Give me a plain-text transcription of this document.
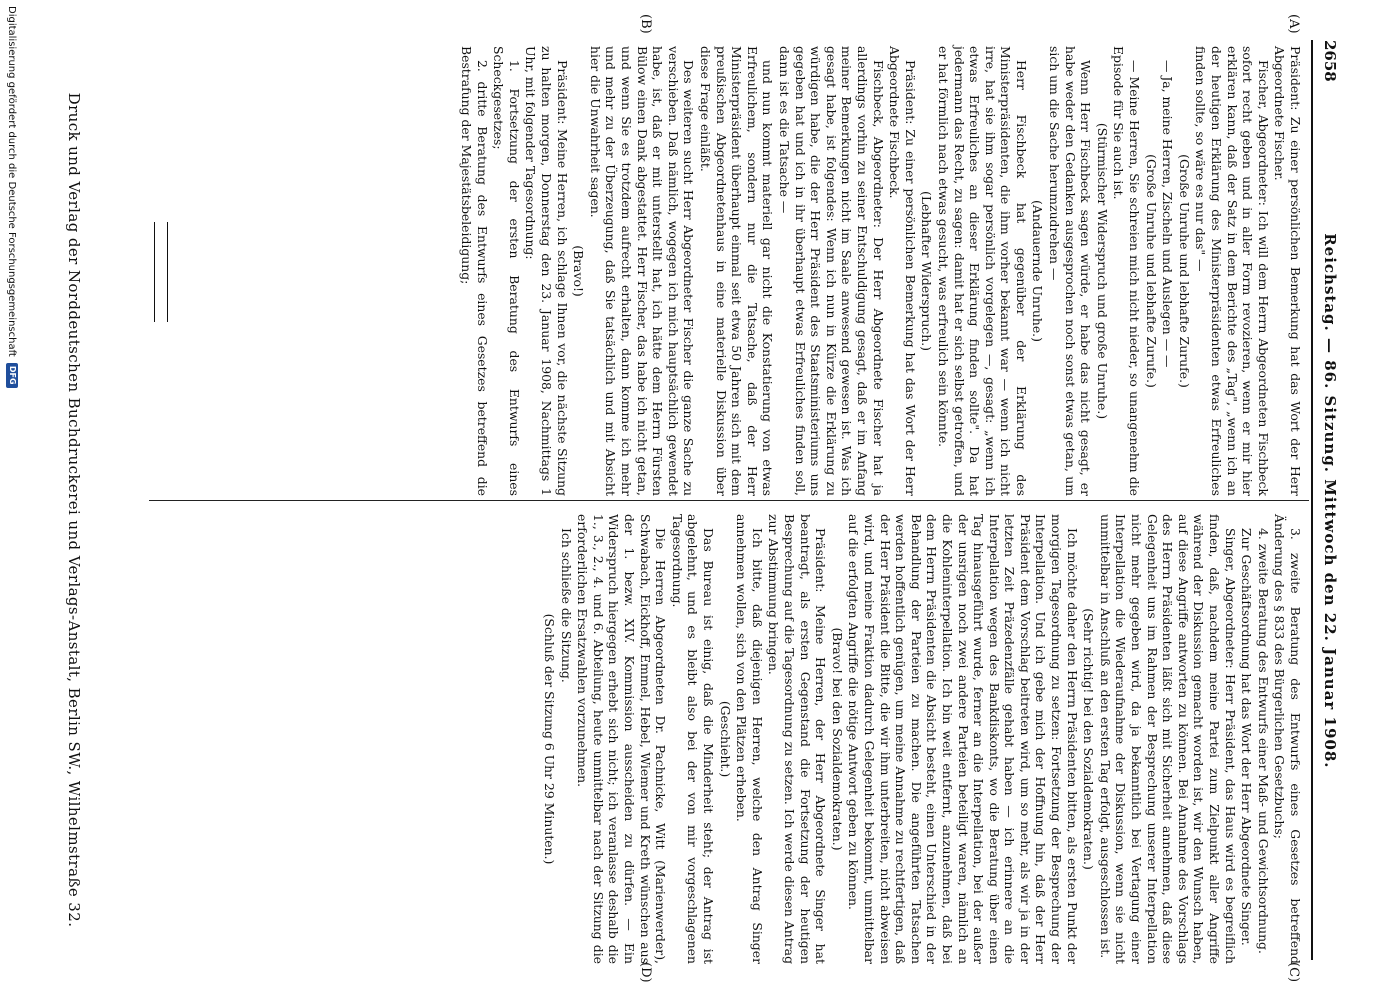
Digitalisierung gefördert durch die Deutsche Forschungsgemeinschaft
DFG
2658
Reichstag. — 86. Sitzung. Mittwoch den 22. Januar 1908.
(A)
(B)
(C)
(D)

Präsident: Zu einer persönlichen Bemerkung hat das Wort der Herr Abgeordnete Fischer.

Fischer, Abgeordneter: Ich will dem Herrn Abgeordneten Fischbeck sofort recht geben und in aller Form revozieren, wenn er mir hier erklären kann, daß der Satz in dem Berichte des „Tag", „wenn ich an der heutigen Erklärung des Ministerpräsidenten etwas Erfreuliches finden sollte, so wäre es nur das" —

(Große Unruhe und lebhafte Zurufe.)

— Ja, meine Herren, Zischeln und Auslegen — —

(Große Unruhe und lebhafte Zurufe.)

— Meine Herren, Sie schreien mich nicht nieder, so unangenehm die Episode für Sie auch ist.

(Stürmischer Widerspruch und große Unruhe.)

Wenn Herr Fischbeck sagen würde, er habe das nicht gesagt, er habe weder den Gedanken ausgesprochen noch sonst etwas getan, um sich um die Sache herumzudrehen —

(Andauernde Unruhe.)

Herr Fischbeck hat gegenüber der Erklärung des Ministerpräsidenten, die ihm vorher bekannt war — wenn ich nicht irre, hat sie ihm sogar persönlich vorgelegen —, gesagt: „wenn ich etwas Erfreuliches an dieser Erklärung finden sollte". Da hat jedermann das Recht, zu sagen: damit hat er sich selbst getroffen, und er hat förmlich nach etwas gesucht, was erfreulich sein könnte.

(Lebhafter Widerspruch.)

Präsident: Zu einer persönlichen Bemerkung hat das Wort der Herr Abgeordnete Fischbeck.

Fischbeck, Abgeordneter: Der Herr Abgeordnete Fischer hat ja allerdings vorhin zu seiner Entschuldigung gesagt, daß er im Anfang meiner Bemerkungen nicht im Saale anwesend gewesen ist. Was ich gesagt habe, ist folgendes: Wenn ich nun in Kürze die Erklärung zu würdigen habe, die der Herr Präsident des Staatsministeriums uns gegeben hat und ich in ihr überhaupt etwas Erfreuliches finden soll, dann ist es die Tatsache —

und nun kommt materiell gar nicht die Konstatierung von etwas Erfreulichem, sondern nur die Tatsache, daß der Herr Ministerpräsident überhaupt einmal seit etwa 50 Jahren sich mit dem preußischen Abgeordnetenhaus in eine materielle Diskussion über diese Frage einläßt.

Des weiteren sucht Herr Abgeordneter Fischer die ganze Sache zu verschieben. Daß nämlich, wogegen ich mich hauptsächlich gewendet habe, ist, daß er mit unterstellt hat, ich hätte dem Herrn Fürsten Bülow einen Dank abgestattet. Herr Fischer, das habe ich nicht getan, und wenn Sie es trotzdem aufrecht erhalten, dann komme ich mehr und mehr zu der Überzeugung, daß Sie tatsächlich und mit Absicht hier die Unwahrheit sagen.

(Bravo!)

Präsident: Meine Herren, ich schlage Ihnen vor, die nächste Sitzung zu halten morgen, Donnerstag den 23. Januar 1908, Nachmittags 1 Uhr, mit folgender Tagesordnung:

1. Fortsetzung der ersten Beratung des Entwurfs eines Scheckgesetzes;

2. dritte Beratung des Entwurfs eines Gesetzes betreffend die Bestrafung der Majestätsbeleidigung;

3. zweite Beratung des Entwurfs eines Gesetzes betreffend Änderung des § 833 des Bürgerlichen Gesetzbuchs;

4. zweite Beratung des Entwurfs einer Maß- und Gewichtsordnung.

Zur Geschäftsordnung hat das Wort der Herr Abgeordnete Singer.

Singer, Abgeordneter: Herr Präsident, das Haus wird es begreiflich finden, daß, nachdem meine Partei zum Zielpunkt aller Angriffe während der Diskussion gemacht worden ist, wir den Wunsch haben, auf diese Angriffe antworten zu können. Bei Annahme des Vorschlags des Herrn Präsidenten läßt sich mit Sicherheit annehmen, daß diese Gelegenheit uns im Rahmen der Besprechung unserer Interpellation nicht mehr gegeben wird, da ja bekanntlich bei Vertagung einer Interpellation die Wiederaufnahme der Diskussion, wenn sie nicht unmittelbar in Anschluß an den ersten Tag erfolgt, ausgeschlossen ist.

(Sehr richtig! bei den Sozialdemokraten.)

Ich möchte daher den Herrn Präsidenten bitten, als ersten Punkt der morgigen Tagesordnung zu setzen: Fortsetzung der Besprechung der Interpellation. Und ich gebe mich der Hoffnung hin, daß der Herr Präsident dem Vorschlag beitreten wird, um so mehr, als wir ja in der letzten Zeit Präzedenzfälle gehabt haben — ich erinnere an die Interpellation wegen des Bankdiskonts, wo die Beratung über einen Tag hinausgeführt wurde, ferner an die Interpellation, bei der außer der unsrigen noch zwei andere Parteien beteiligt waren, nämlich an die Kohleninterpellation. Ich bin weit entfernt, anzunehmen, daß bei dem Herrn Präsidenten die Absicht besteht, einen Unterschied in der Behandlung der Parteien zu machen. Die angeführten Tatsachen werden hoffentlich genügen, um meine Annahme zu rechtfertigen, daß der Herr Präsident die Bitte, die wir ihm unterbreiten, nicht abweisen wird, und meine Fraktion dadurch Gelegenheit bekommt, unmittelbar auf die erfolgten Angriffe die nötige Antwort geben zu können.

(Bravo! bei den Sozialdemokraten.)

Präsident: Meine Herren, der Herr Abgeordnete Singer hat beantragt, als ersten Gegenstand die Fortsetzung der heutigen Besprechung auf die Tagesordnung zu setzen. Ich werde diesen Antrag zur Abstimmung bringen.

Ich bitte, daß diejenigen Herren, welche den Antrag Singer annehmen wollen, sich von den Plätzen erheben.

(Geschieht.)

Das Bureau ist einig, daß die Minderheit steht; der Antrag ist abgelehnt, und es bleibt also bei der von mir vorgeschlagenen Tagesordnung.

Die Herren Abgeordneten Dr. Pachnicke, Witt (Marienwerder), Schwabach, Eickhoff, Emmel, Hebel, Wiemer und Kreth wünschen aus der 1. bezw. XIV. Kommission ausscheiden zu dürfen. — Ein Widerspruch hiergegen erhebt sich nicht; ich veranlasse deshalb die 1., 3., 2., 4. und 6. Abteilung, heute unmittelbar nach der Sitzung die erforderlichen Ersatzwahlen vorzunehmen.

Ich schließe die Sitzung.

(Schluß der Sitzung 6 Uhr 29 Minuten.)

Druck und Verlag der Norddeutschen Buchdruckerei und Verlags-Anstalt, Berlin SW., Wilhelmstraße 32.
